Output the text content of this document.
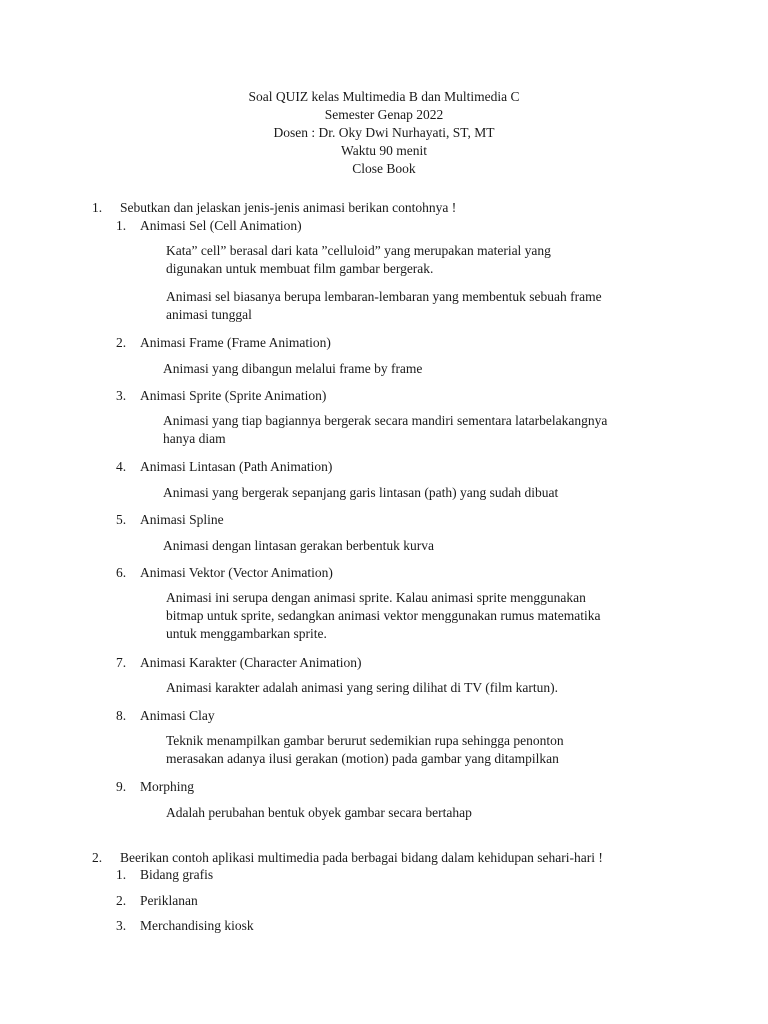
Soal QUIZ kelas Multimedia B dan Multimedia C
Semester Genap 2022
Dosen : Dr. Oky Dwi Nurhayati, ST, MT
Waktu 90 menit
Close Book
1. Sebutkan dan jelaskan jenis-jenis animasi berikan contohnya !
1. Animasi Sel (Cell Animation)
Kata” cell” berasal dari kata ”celluloid” yang merupakan material yang
digunakan untuk membuat film gambar bergerak.
Animasi sel biasanya berupa lembaran-lembaran yang membentuk sebuah frame
animasi tunggal
2. Animasi Frame (Frame Animation)
Animasi yang dibangun melalui frame by frame
3. Animasi Sprite (Sprite Animation)
Animasi yang tiap bagiannya bergerak secara mandiri sementara latarbelakangnya
hanya diam
4. Animasi Lintasan (Path Animation)
Animasi yang bergerak sepanjang garis lintasan (path) yang sudah dibuat
5. Animasi Spline
Animasi dengan lintasan gerakan berbentuk kurva
6. Animasi Vektor (Vector Animation)
Animasi ini serupa dengan animasi sprite. Kalau animasi sprite menggunakan
bitmap untuk sprite, sedangkan animasi vektor menggunakan rumus matematika
untuk menggambarkan sprite.
7. Animasi Karakter (Character Animation)
Animasi karakter adalah animasi yang sering dilihat di TV (film kartun).
8. Animasi Clay
Teknik menampilkan gambar berurut sedemikian rupa sehingga penonton
merasakan adanya ilusi gerakan (motion) pada gambar yang ditampilkan
9. Morphing
Adalah perubahan bentuk obyek gambar secara bertahap
2. Beerikan contoh aplikasi multimedia pada berbagai bidang dalam kehidupan sehari-hari !
1. Bidang grafis
2. Periklanan
3. Merchandising kiosk
